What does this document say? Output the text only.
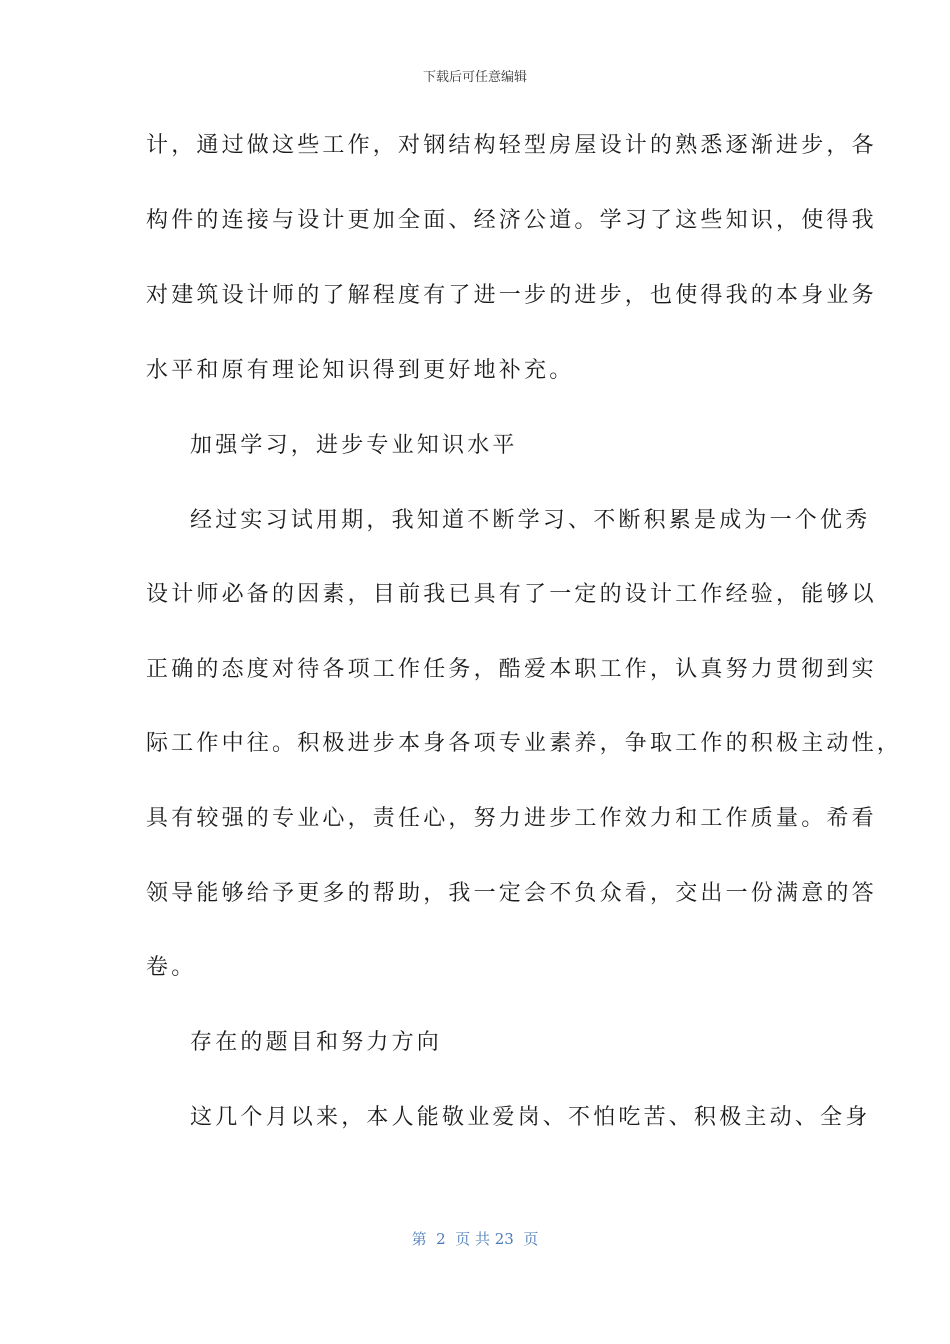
下载后可任意编辑
计，通过做这些工作，对钢结构轻型房屋设计的熟悉逐渐进步，各
构件的连接与设计更加全面、经济公道。学习了这些知识，使得我
对建筑设计师的了解程度有了进一步的进步，也使得我的本身业务
水平和原有理论知识得到更好地补充。
加强学习，进步专业知识水平
经过实习试用期，我知道不断学习、不断积累是成为一个优秀
设计师必备的因素，目前我已具有了一定的设计工作经验，能够以
正确的态度对待各项工作任务，酷爱本职工作，认真努力贯彻到实
际工作中往。积极进步本身各项专业素养，争取工作的积极主动性，
具有较强的专业心，责任心，努力进步工作效力和工作质量。希看
领导能够给予更多的帮助，我一定会不负众看，交出一份满意的答
卷。
存在的题目和努力方向
这几个月以来，本人能敬业爱岗、不怕吃苦、积极主动、全身
第  2  页 共 23  页
